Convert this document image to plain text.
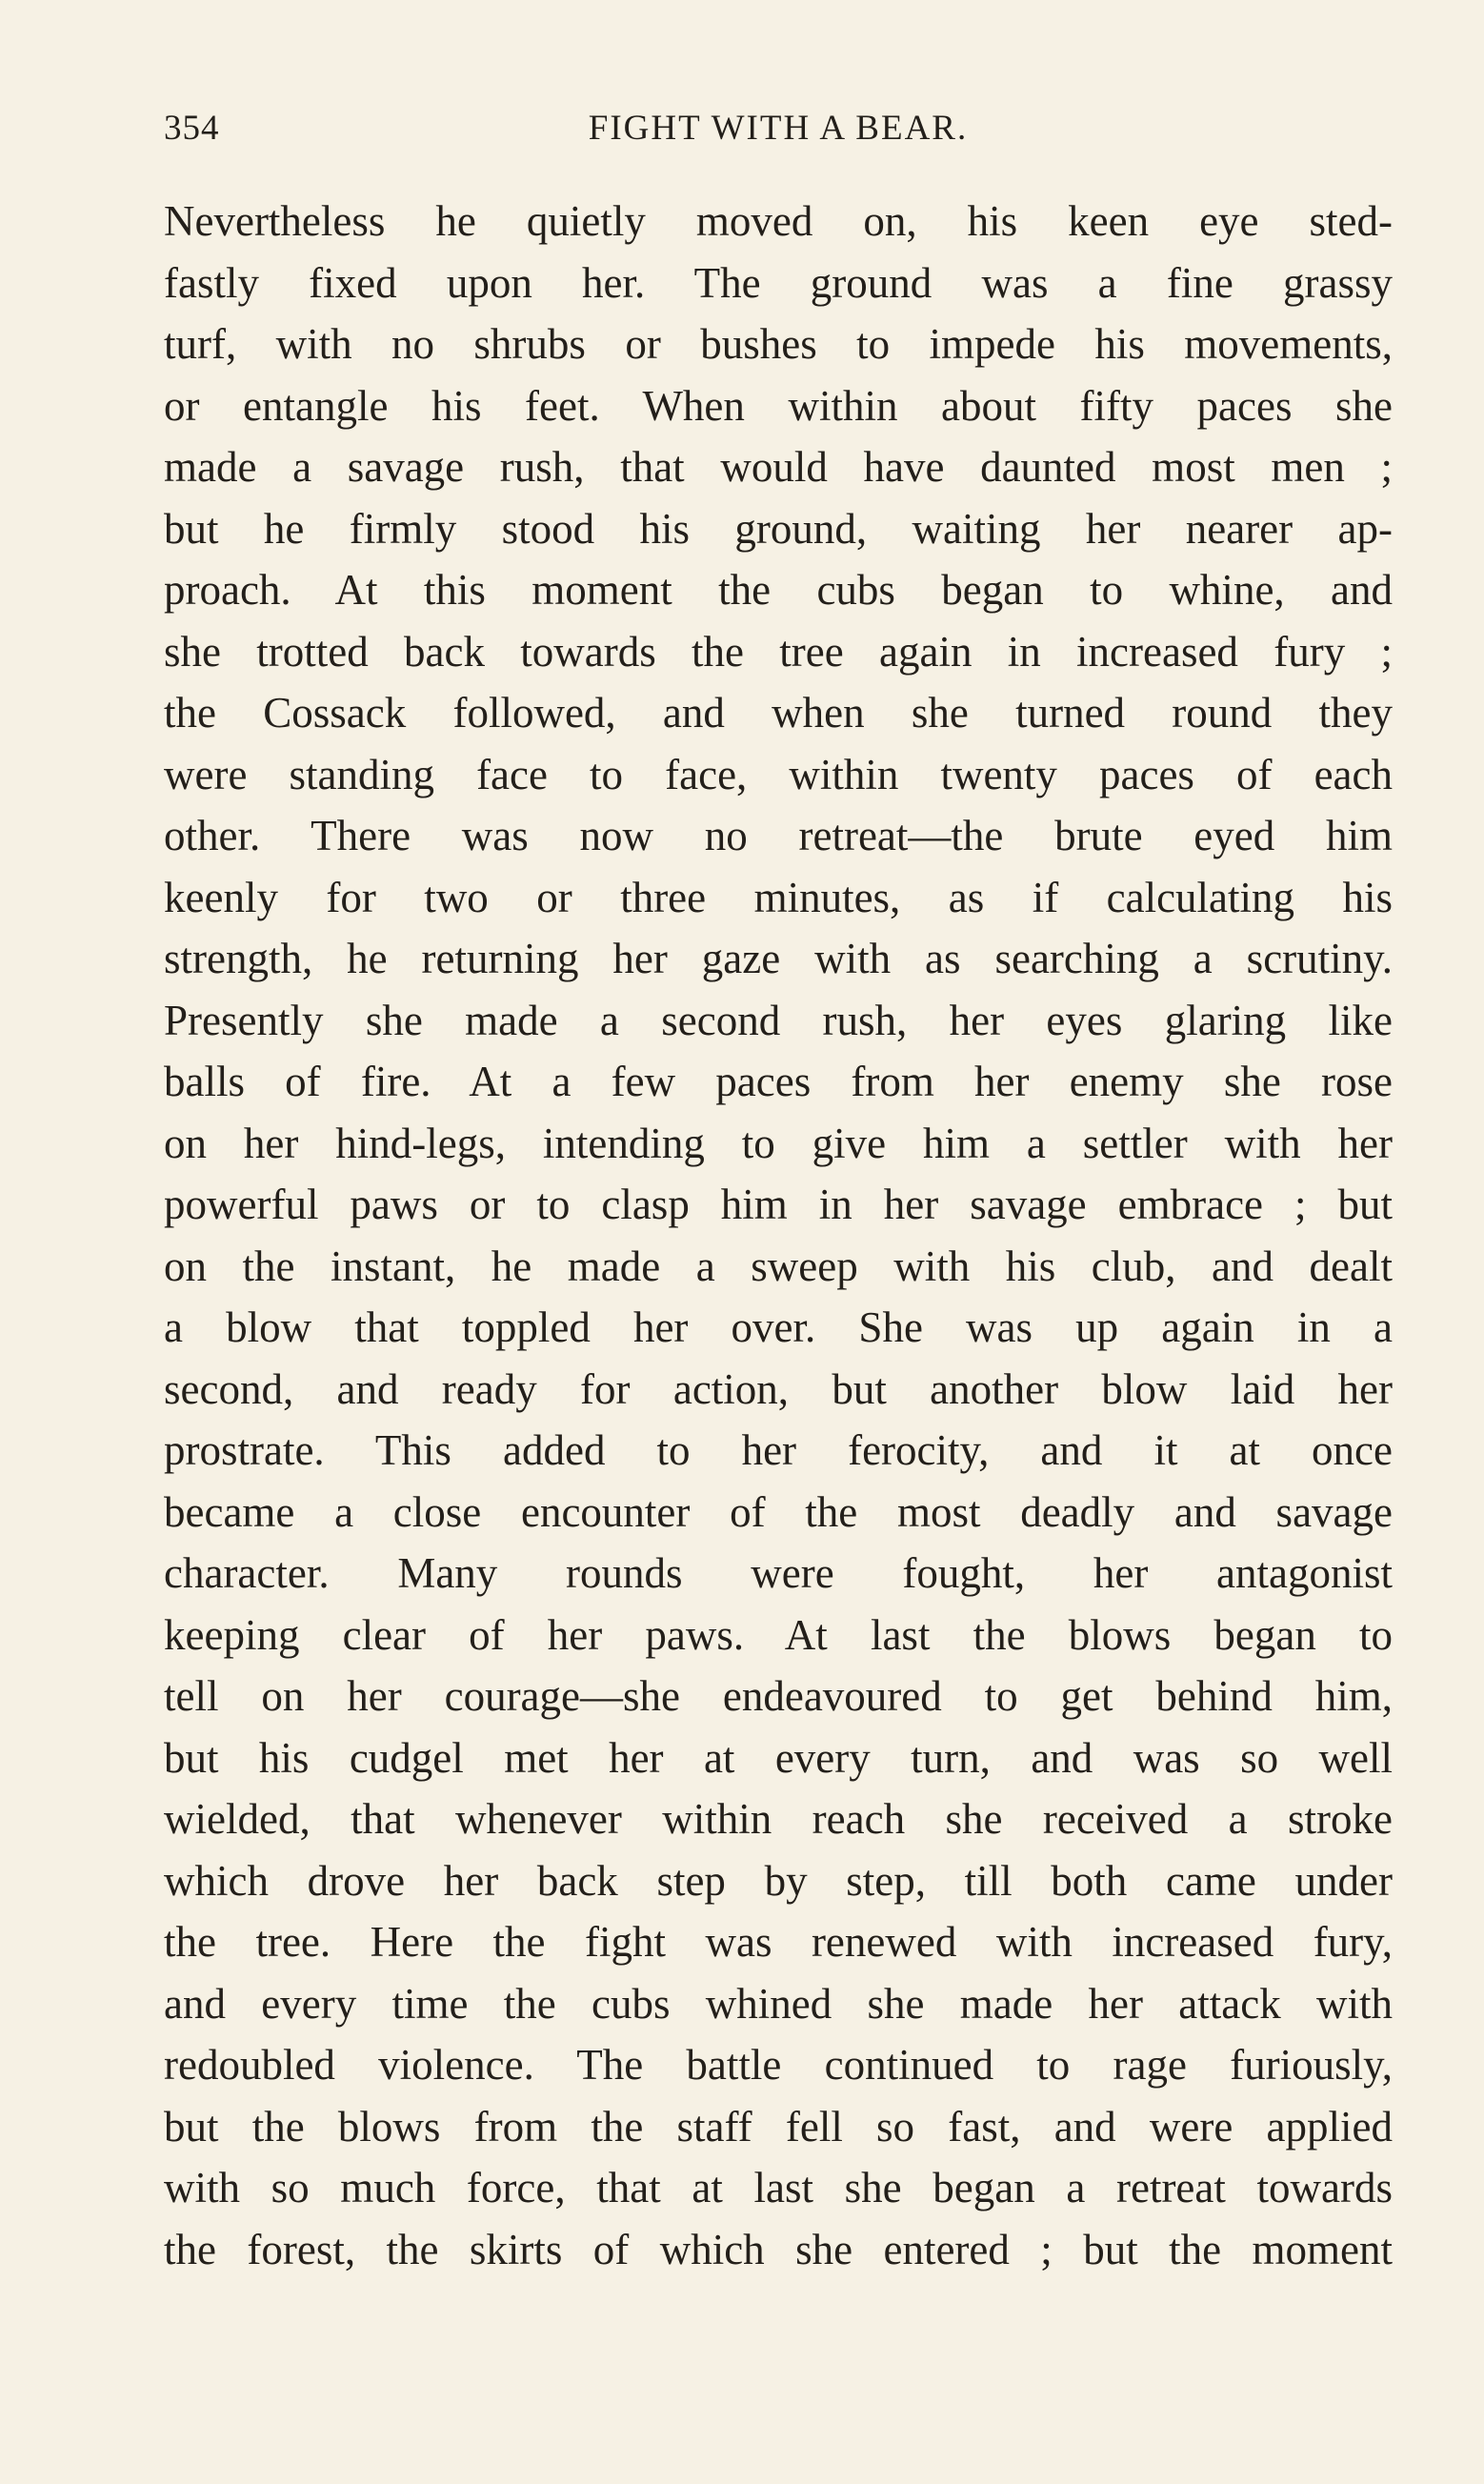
354	FIGHT WITH A BEAR.
Nevertheless he quietly moved on, his keen eye sted-
fastly fixed upon her. The ground was a fine grassy
turf, with no shrubs or bushes to impede his movements,
or entangle his feet. When within about fifty paces she
made a savage rush, that would have daunted most men ;
but he firmly stood his ground, waiting her nearer ap-
proach. At this moment the cubs began to whine, and
she trotted back towards the tree again in increased fury ;
the Cossack followed, and when she turned round they
were standing face to face, within twenty paces of each
other. There was now no retreat—the brute eyed him
keenly for two or three minutes, as if calculating his
strength, he returning her gaze with as searching a scrutiny.
Presently she made a second rush, her eyes glaring like
balls of fire. At a few paces from her enemy she rose
on her hind-legs, intending to give him a settler with her
powerful paws or to clasp him in her savage embrace ; but
on the instant, he made a sweep with his club, and dealt
a blow that toppled her over. She was up again in a
second, and ready for action, but another blow laid her
prostrate. This added to her ferocity, and it at once
became a close encounter of the most deadly and savage
character. Many rounds were fought, her antagonist
keeping clear of her paws. At last the blows began to
tell on her courage—she endeavoured to get behind him,
but his cudgel met her at every turn, and was so well
wielded, that whenever within reach she received a stroke
which drove her back step by step, till both came under
the tree. Here the fight was renewed with increased fury,
and every time the cubs whined she made her attack with
redoubled violence. The battle continued to rage furiously,
but the blows from the staff fell so fast, and were applied
with so much force, that at last she began a retreat towards
the forest, the skirts of which she entered ; but the moment
